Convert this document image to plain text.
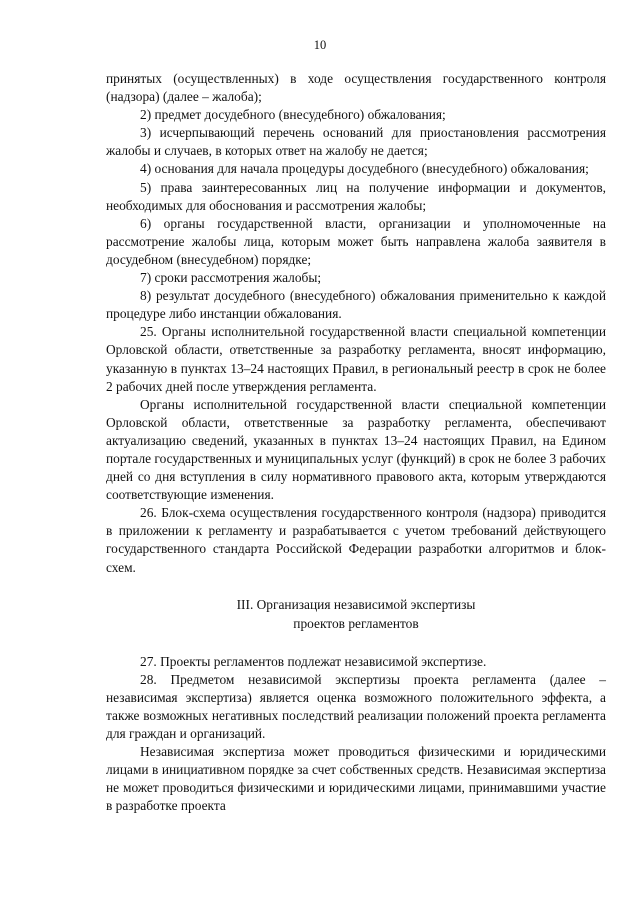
10

принятых (осуществленных) в ходе осуществления государственного контроля (надзора) (далее – жалоба);

2) предмет досудебного (внесудебного) обжалования;

3) исчерпывающий перечень оснований для приостановления рассмотрения жалобы и случаев, в которых ответ на жалобу не дается;

4) основания для начала процедуры досудебного (внесудебного) обжалования;

5) права заинтересованных лиц на получение информации и документов, необходимых для обоснования и рассмотрения жалобы;

6) органы государственной власти, организации и уполномоченные на рассмотрение жалобы лица, которым может быть направлена жалоба заявителя в досудебном (внесудебном) порядке;

7) сроки рассмотрения жалобы;

8) результат досудебного (внесудебного) обжалования применительно к каждой процедуре либо инстанции обжалования.

25. Органы исполнительной государственной власти специальной компетенции Орловской области, ответственные за разработку регламента, вносят информацию, указанную в пунктах 13–24 настоящих Правил, в региональный реестр в срок не более 2 рабочих дней после утверждения регламента.

Органы исполнительной государственной власти специальной компетенции Орловской области, ответственные за разработку регламента, обеспечивают актуализацию сведений, указанных в пунктах 13–24 настоящих Правил, на Едином портале государственных и муниципальных услуг (функций) в срок не более 3 рабочих дней со дня вступления в силу нормативного правового акта, которым утверждаются соответствующие изменения.

26. Блок-схема осуществления государственного контроля (надзора) приводится в приложении к регламенту и разрабатывается с учетом требований действующего государственного стандарта Российской Федерации разработки алгоритмов и блок-схем.

III. Организация независимой экспертизы
проектов регламентов

27. Проекты регламентов подлежат независимой экспертизе.

28. Предметом независимой экспертизы проекта регламента (далее – независимая экспертиза) является оценка возможного положительного эффекта, а также возможных негативных последствий реализации положений проекта регламента для граждан и организаций.

Независимая экспертиза может проводиться физическими и юридическими лицами в инициативном порядке за счет собственных средств. Независимая экспертиза не может проводиться физическими и юридическими лицами, принимавшими участие в разработке проекта
